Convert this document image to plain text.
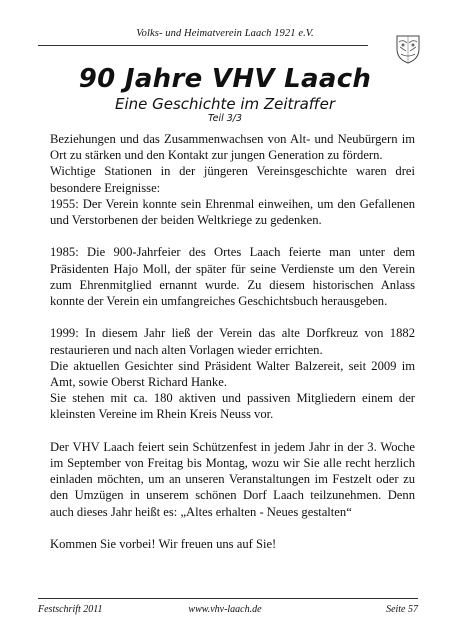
Volks- und Heimatverein Laach 1921 e.V.
90 Jahre VHV Laach
Eine Geschichte im Zeitraffer
Teil 3/3

Beziehungen und das Zusammenwachsen von Alt- und Neubürgern im Ort zu stärken und den Kontakt zur jungen Generation zu fördern.

Wichtige Stationen in der jüngeren Vereinsgeschichte waren drei besondere Ereignisse:

1955: Der Verein konnte sein Ehrenmal einweihen, um den Gefallenen und Verstorbenen der beiden Weltkriege zu gedenken.

1985: Die 900-Jahrfeier des Ortes Laach feierte man unter dem Präsidenten Hajo Moll, der später für seine Verdienste um den Verein zum Ehrenmitglied ernannt wurde. Zu diesem historischen Anlass konnte der Verein ein umfangreiches Geschichtsbuch herausgeben.

1999: In diesem Jahr ließ der Verein das alte Dorfkreuz von 1882 restaurieren und nach alten Vorlagen wieder errichten.

Die aktuellen Gesichter sind Präsident Walter Balzereit, seit 2009 im Amt, sowie Oberst Richard Hanke.

Sie stehen mit ca. 180 aktiven und passiven Mitgliedern einem der kleinsten Vereine im Rhein Kreis Neuss vor.

Der VHV Laach feiert sein Schützenfest in jedem Jahr in der 3. Woche im September von Freitag bis Montag, wozu wir Sie alle recht herzlich einladen möchten, um an unseren Veranstaltungen im Festzelt oder zu den Umzügen in unserem schönen Dorf Laach teilzunehmen. Denn auch dieses Jahr heißt es: „Altes erhalten - Neues gestalten“

Kommen Sie vorbei! Wir freuen uns auf Sie!

Festschrift 2011	www.vhv-laach.de	Seite 57
